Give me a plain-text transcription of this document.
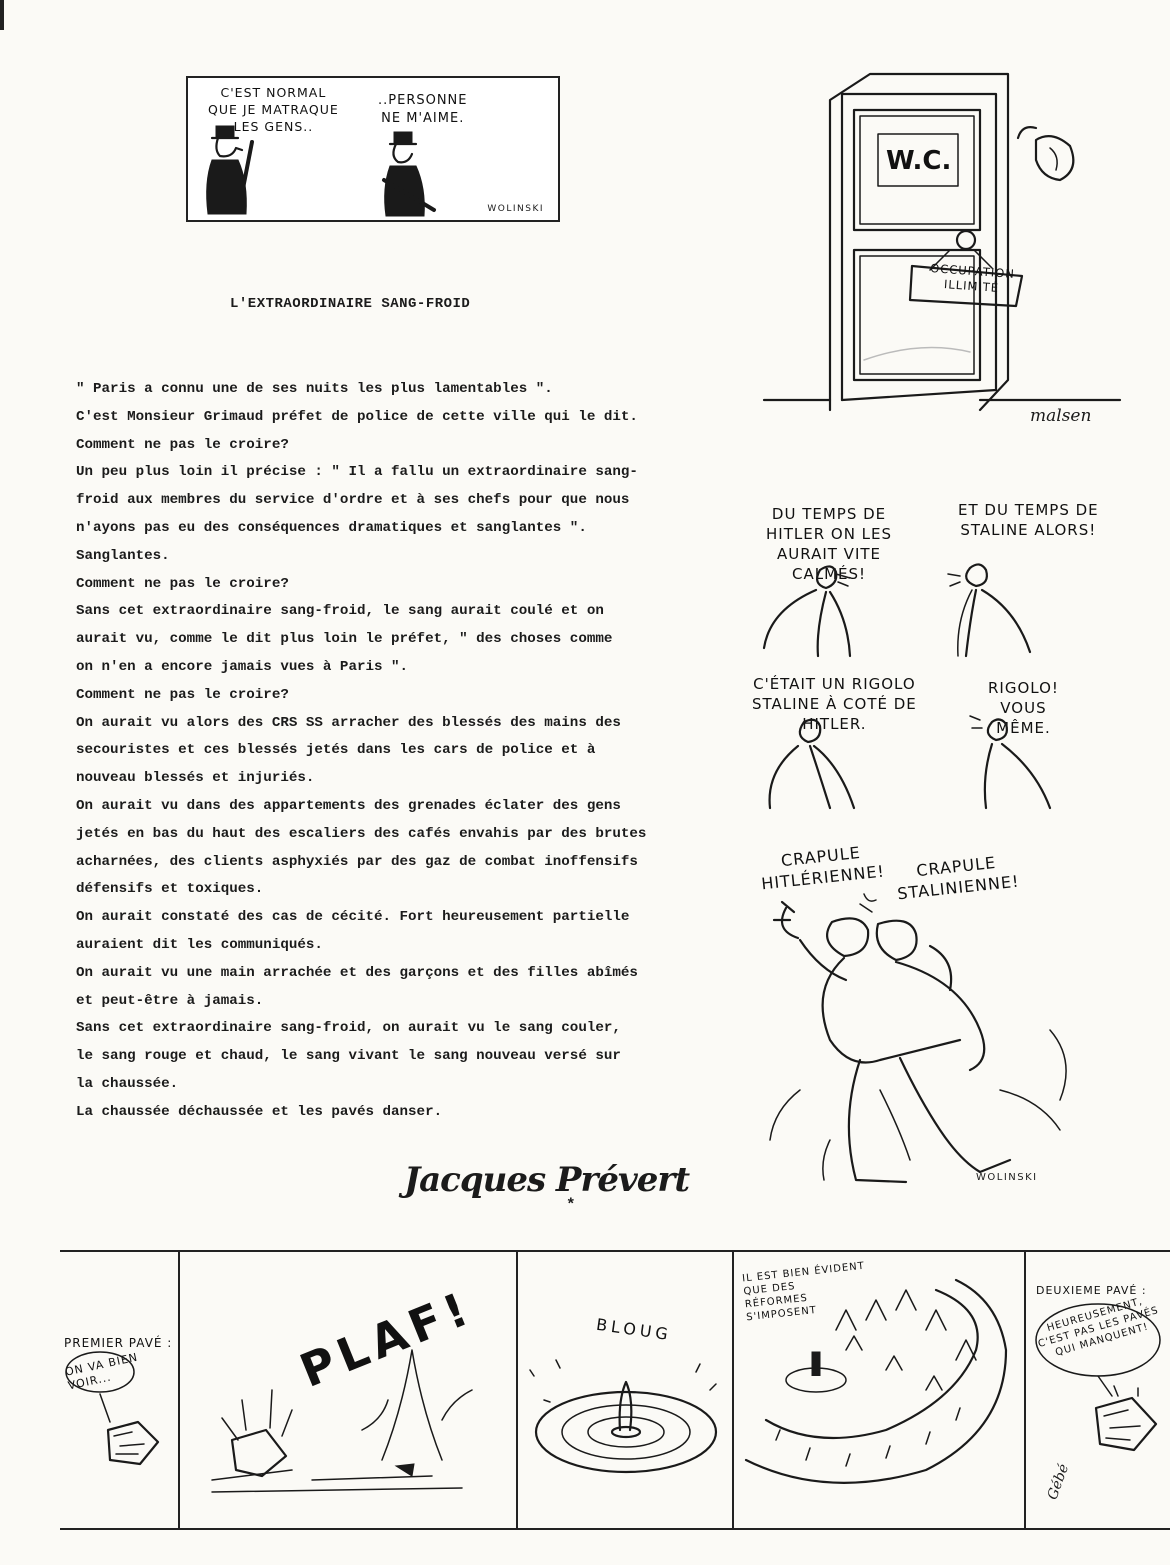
C'EST NORMAL
QUE JE MATRAQUE
LES GENS..
..PERSONNE
NE M'AIME.
WOLINSKI
W.C.
OCCUPATION
ILLIMITÉ
malsen
L'EXTRAORDINAIRE SANG-FROID
" Paris a connu une de ses nuits les plus lamentables ".
C'est Monsieur Grimaud préfet de police de cette ville qui le dit.
Comment ne pas le croire?
Un peu plus loin il précise : " Il a fallu un extraordinaire sang-
froid aux membres du service d'ordre et à ses chefs pour que nous
n'ayons pas eu des conséquences dramatiques et sanglantes ".
Sanglantes.
Comment ne pas le croire?
Sans cet extraordinaire sang-froid, le sang aurait coulé et on
aurait vu, comme le dit plus loin le préfet, " des choses comme
on n'en a encore jamais vues à Paris ".
Comment ne pas le croire?
On aurait vu alors des CRS SS arracher des blessés des mains des
secouristes et ces blessés jetés dans les cars de police et à
nouveau blessés et injuriés.
On aurait vu dans des appartements des grenades éclater des gens
jetés en bas du haut des escaliers des cafés envahis par des brutes
acharnées, des clients asphyxiés par des gaz de combat inoffensifs
défensifs et toxiques.
On aurait constaté des cas de cécité. Fort heureusement partielle
auraient dit les communiqués.
On aurait vu une main arrachée et des garçons et des filles abîmés
et peut-être à jamais.
Sans cet extraordinaire sang-froid, on aurait vu le sang couler,
le sang rouge et chaud, le sang vivant le sang nouveau versé sur
la chaussée.
La chaussée déchaussée et les pavés danser.
Jacques Prévert
*
DU TEMPS DE
HITLER ON LES
AURAIT VITE
CALMÉS!
ET DU TEMPS DE
STALINE ALORS!
C'ÉTAIT UN RIGOLO
STALINE À COTÉ DE
HITLER.
RIGOLO!
VOUS
MÊME.
CRAPULE
HITLÉRIENNE!	CRAPULE
STALINIENNE!
WOLINSKI
PREMIER PAVÉ :
ON VA BIEN
VOIR...	PLAF!	BLOUG
IL EST BIEN ÉVIDENT
QUE DES
RÉFORMES
S'IMPOSENT
DEUXIEME PAVÉ :
HEUREUSEMENT,
C'EST PAS LES PAVÉS
QUI MANQUENT!
Gébé
